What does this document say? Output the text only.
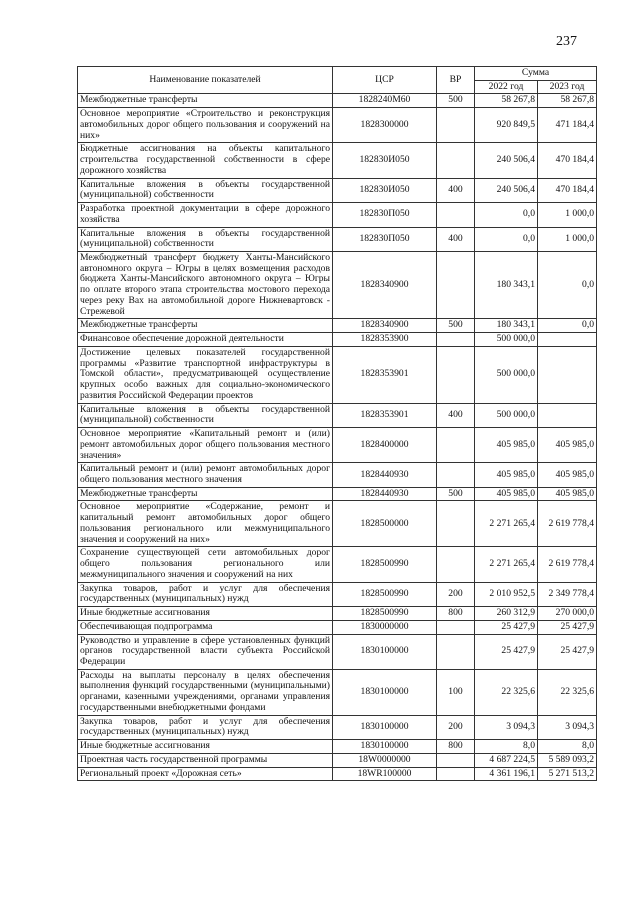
237
Наименование показателей	ЦСР	ВР	Сумма	
			2022 год	2023 год
Межбюджетные трансферты	1828240М60	500	58 267,8	58 267,8
Основное мероприятие «Строительство и реконструкция автомобильных дорог общего пользования и сооружений на них»	1828300000		920 849,5	471 184,4
Бюджетные ассигнования на объекты капитального строительства государственной собственности в сфере дорожного хозяйства	182830И050		240 506,4	470 184,4
Капитальные вложения в объекты государственной (муниципальной) собственности	182830И050	400	240 506,4	470 184,4
Разработка проектной документации в сфере дорожного хозяйства	182830П050		0,0	1 000,0
Капитальные вложения в объекты государственной (муниципальной) собственности	182830П050	400	0,0	1 000,0
Межбюджетный трансферт бюджету Ханты-Мансийского автономного округа – Югры в целях возмещения расходов бюджета Ханты-Мансийского автономного округа – Югры по оплате второго этапа строительства мостового перехода через реку Вах на автомобильной дороге Нижневартовск - Стрежевой	1828340900		180 343,1	0,0
Межбюджетные трансферты	1828340900	500	180 343,1	0,0
Финансовое обеспечение дорожной деятельности	1828353900		500 000,0	
Достижение целевых показателей государственной программы «Развитие транспортной инфраструктуры в Томской области», предусматривающей осуществление крупных особо важных для социально-экономического развития Российской Федерации проектов	1828353901		500 000,0	
Капитальные вложения в объекты государственной (муниципальной) собственности	1828353901	400	500 000,0	
Основное мероприятие «Капитальный ремонт и (или) ремонт автомобильных дорог общего пользования местного значения»	1828400000		405 985,0	405 985,0
Капитальный ремонт и (или) ремонт автомобильных дорог общего пользования местного значения	1828440930		405 985,0	405 985,0
Межбюджетные трансферты	1828440930	500	405 985,0	405 985,0
Основное мероприятие «Содержание, ремонт и капитальный ремонт автомобильных дорог общего пользования регионального или межмуниципального значения и сооружений на них»	1828500000		2 271 265,4	2 619 778,4
Сохранение существующей сети автомобильных дорог общего пользования регионального или межмуниципального значения и сооружений на них	1828500990		2 271 265,4	2 619 778,4
Закупка товаров, работ и услуг для обеспечения государственных (муниципальных) нужд	1828500990	200	2 010 952,5	2 349 778,4
Иные бюджетные ассигнования	1828500990	800	260 312,9	270 000,0
Обеспечивающая подпрограмма	1830000000		25 427,9	25 427,9
Руководство и управление в сфере установленных функций органов государственной власти субъекта Российской Федерации	1830100000		25 427,9	25 427,9
Расходы на выплаты персоналу в целях обеспечения выполнения функций государственными (муниципальными) органами, казенными учреждениями, органами управления государственными внебюджетными фондами	1830100000	100	22 325,6	22 325,6
Закупка товаров, работ и услуг для обеспечения государственных (муниципальных) нужд	1830100000	200	3 094,3	3 094,3
Иные бюджетные ассигнования	1830100000	800	8,0	8,0
Проектная часть государственной программы	18W0000000		4 687 224,5	5 589 093,2
Региональный проект «Дорожная сеть»	18WR100000		4 361 196,1	5 271 513,2
